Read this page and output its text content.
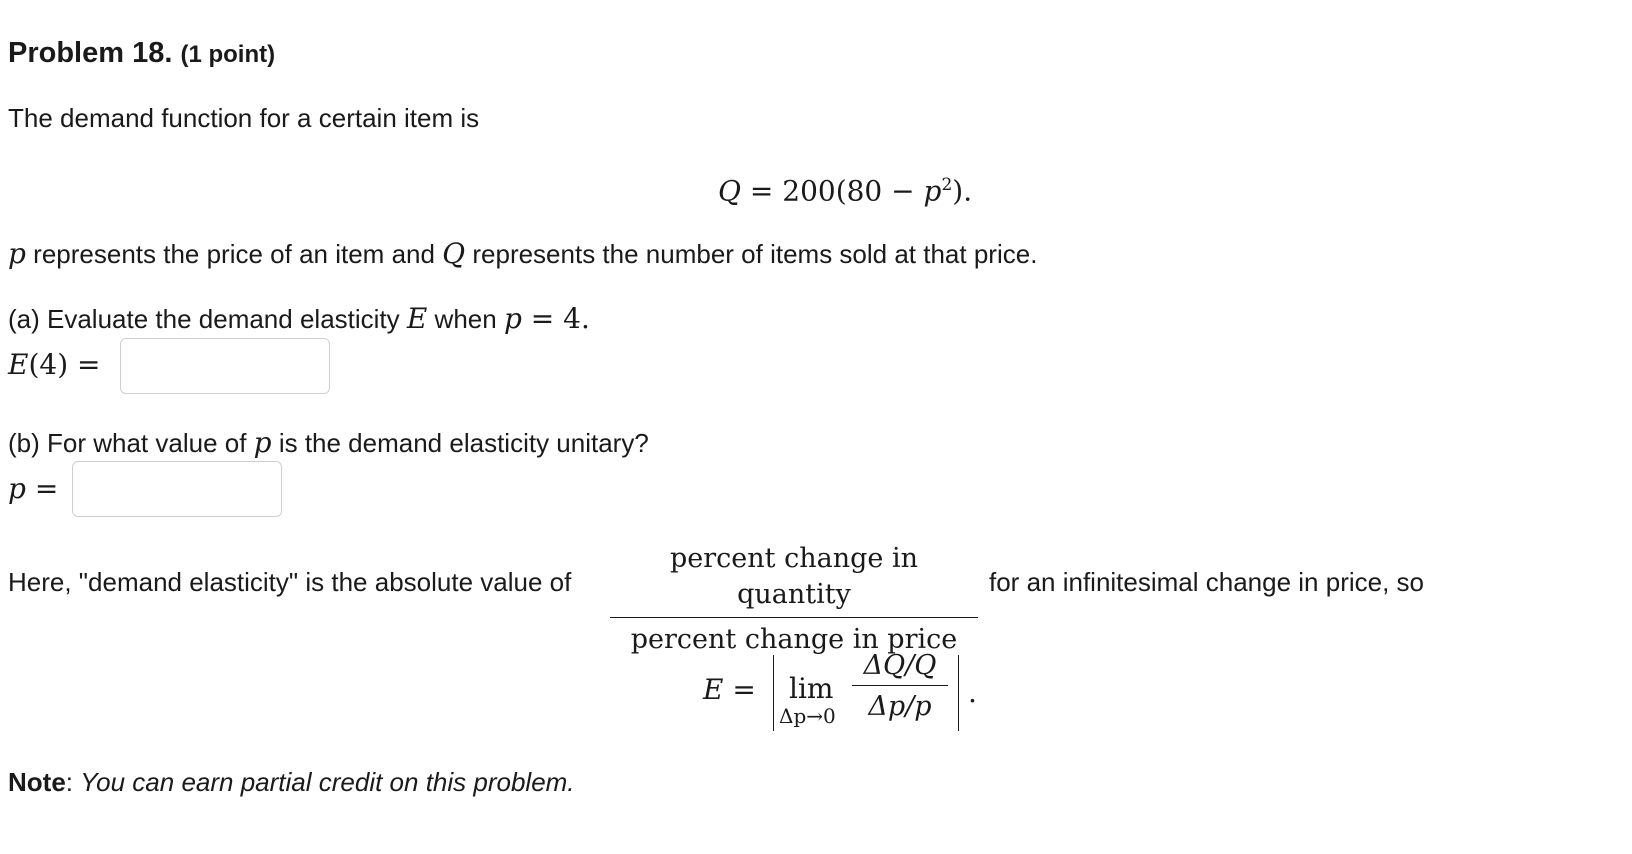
Problem 18. (1 point)
The demand function for a certain item is
$Q = 200(80 - p^2)$.
p represents the price of an item and Q represents the number of items sold at that price.
(a) Evaluate the demand elasticity E when p = 4.
E(4) =
(b) For what value of p is the demand elasticity unitary?
p =
Here, "demand elasticity" is the absolute value of
percent change in quantity
percent change in price
for an infinitesimal change in price, so
E = lim
Δp→0
ΔQ/Q
Δp/p	.
Note: You can earn partial credit on this problem.
